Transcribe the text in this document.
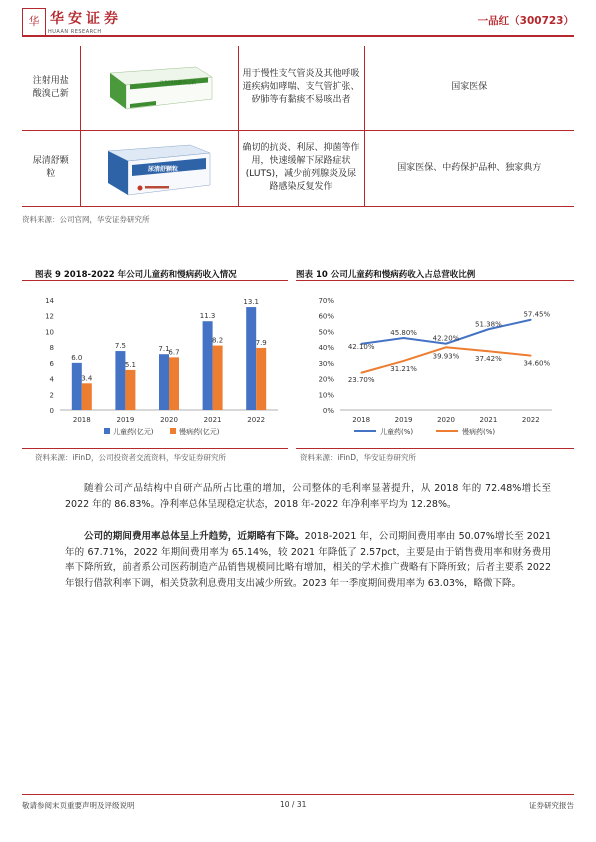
华 华安证券
HUAAN RESEARCH
一品红（300723）
注射用盐酸溴己新	注射用盐酸溴己新	用于慢性支气管炎及其他呼吸道疾病如哮喘、支气管扩张、矽肺等有黏痰不易咳出者	国家医保

尿清舒颗粒	尿清舒颗粒	确切的抗炎、利尿、抑菌等作用，快速缓解下尿路症状(LUTS)，减少前列腺炎及尿路感染反复发作	国家医保、中药保护品种、独家典方
资料来源：公司官网，华安证券研究所
图表 9 2018-2022 年公司儿童药和慢病药收入情况	图表 10 公司儿童药和慢病药收入占总营收比例
0
2
4
6
8
10
12
14
2018	2019	2020	2021	2022
6.0
7.5	7.1
11.3
13.1
3.4
5.1
6.7
8.2	7.9
儿童药(亿元)	慢病药(亿元)
0%
10%
20%
30%
40%
50%
60%
70%
2018	2019	2020	2021	2022
42.10%
45.80%
42.20%
51.38%
57.45%
23.70%
31.21%
39.93% 37.42%
34.60%
儿童药(%)	慢病药(%)
资料来源：iFinD，公司投资者交流资料，华安证券研究所	资料来源：iFinD，华安证券研究所
随着公司产品结构中自研产品所占比重的增加，公司整体的毛利率显著提升，从 2018 年的 72.48%增长至 2022 年的 86.83%。净利率总体呈现稳定状态，2018 年-2022 年净利率平均为 12.28%。
公司的期间费用率总体呈上升趋势，近期略有下降。2018-2021 年，公司期间费用率由 50.07%增长至 2021 年的 67.71%，2022 年期间费用率为 65.14%，较 2021 年降低了 2.57pct，主要是由于销售费用率和财务费用率下降所致，前者系公司医药制造产品销售规模同比略有增加，相关的学术推广费略有下降所致；后者主要系 2022 年银行借款利率下调，相关贷款利息费用支出减少所致。2023 年一季度期间费用率为 63.03%，略微下降。
敬请参阅末页重要声明及评级说明	10 / 31	证券研究报告
